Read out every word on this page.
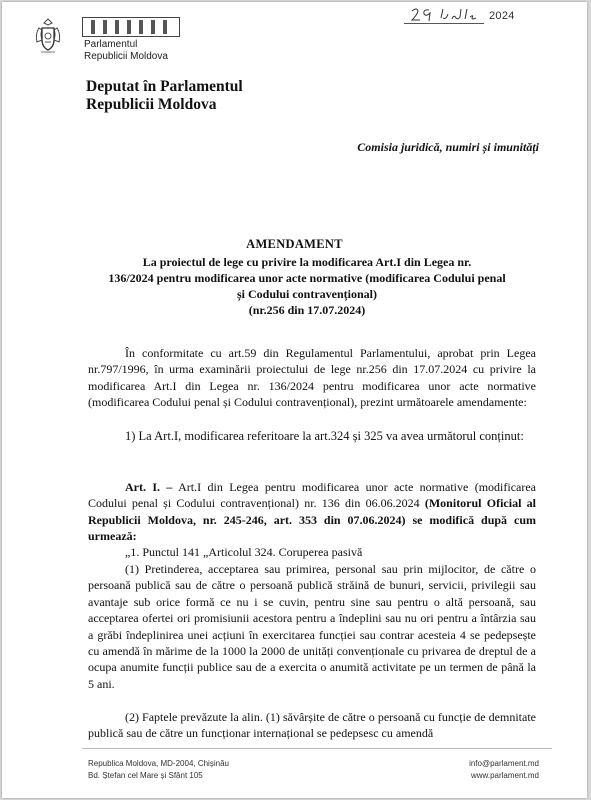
Parlamentul
Republicii Moldova
2024
Deputat în Parlamentul
Republicii Moldova
Comisia juridică, numiri și imunități
AMENDAMENT
La proiectul de lege cu privire la modificarea Art.I din Legea nr.
136/2024 pentru modificarea unor acte normative (modificarea Codului penal
și Codului contravențional)
(nr.256 din 17.07.2024)
În conformitate cu art.59 din Regulamentul Parlamentului, aprobat prin Legea nr.797/1996, în urma examinării proiectului de lege nr.256 din 17.07.2024 cu privire la modificarea Art.I din Legea nr. 136/2024 pentru modificarea unor acte normative (modificarea Codului penal și Codului contravențional), prezint următoarele amendamente:
1) La Art.I, modificarea referitoare la art.324 și 325 va avea următorul conținut:
Art. I. – Art.I din Legea pentru modificarea unor acte normative (modificarea Codului penal și Codului contravențional) nr. 136 din 06.06.2024 (Monitorul Oficial al Republicii Moldova, nr. 245-246, art. 353 din 07.06.2024) se modifică după cum urmează:
„1. Punctul 141 „Articolul 324. Coruperea pasivă
(1) Pretinderea, acceptarea sau primirea, personal sau prin mijlocitor, de către o persoană publică sau de către o persoană publică străină de bunuri, servicii, privilegii sau avantaje sub orice formă ce nu i se cuvin, pentru sine sau pentru o altă persoană, sau acceptarea ofertei ori promisiunii acestora pentru a îndeplini sau nu ori pentru a întârzia sau a grăbi îndeplinirea unei acțiuni în exercitarea funcției sau contrar acesteia 4 se pedepsește cu amendă în mărime de la 1000 la 2000 de unități convenționale cu privarea de dreptul de a ocupa anumite funcții publice sau de a exercita o anumită activitate pe un termen de până la 5 ani.
(2) Faptele prevăzute la alin. (1) săvârșite de către o persoană cu funcție de demnitate publică sau de către un funcționar internațional se pedepsesc cu amendă
Republica Moldova, MD-2004, Chișinău
Bd. Ștefan cel Mare și Sfânt 105
info@parlament.md
www.parlament.md
